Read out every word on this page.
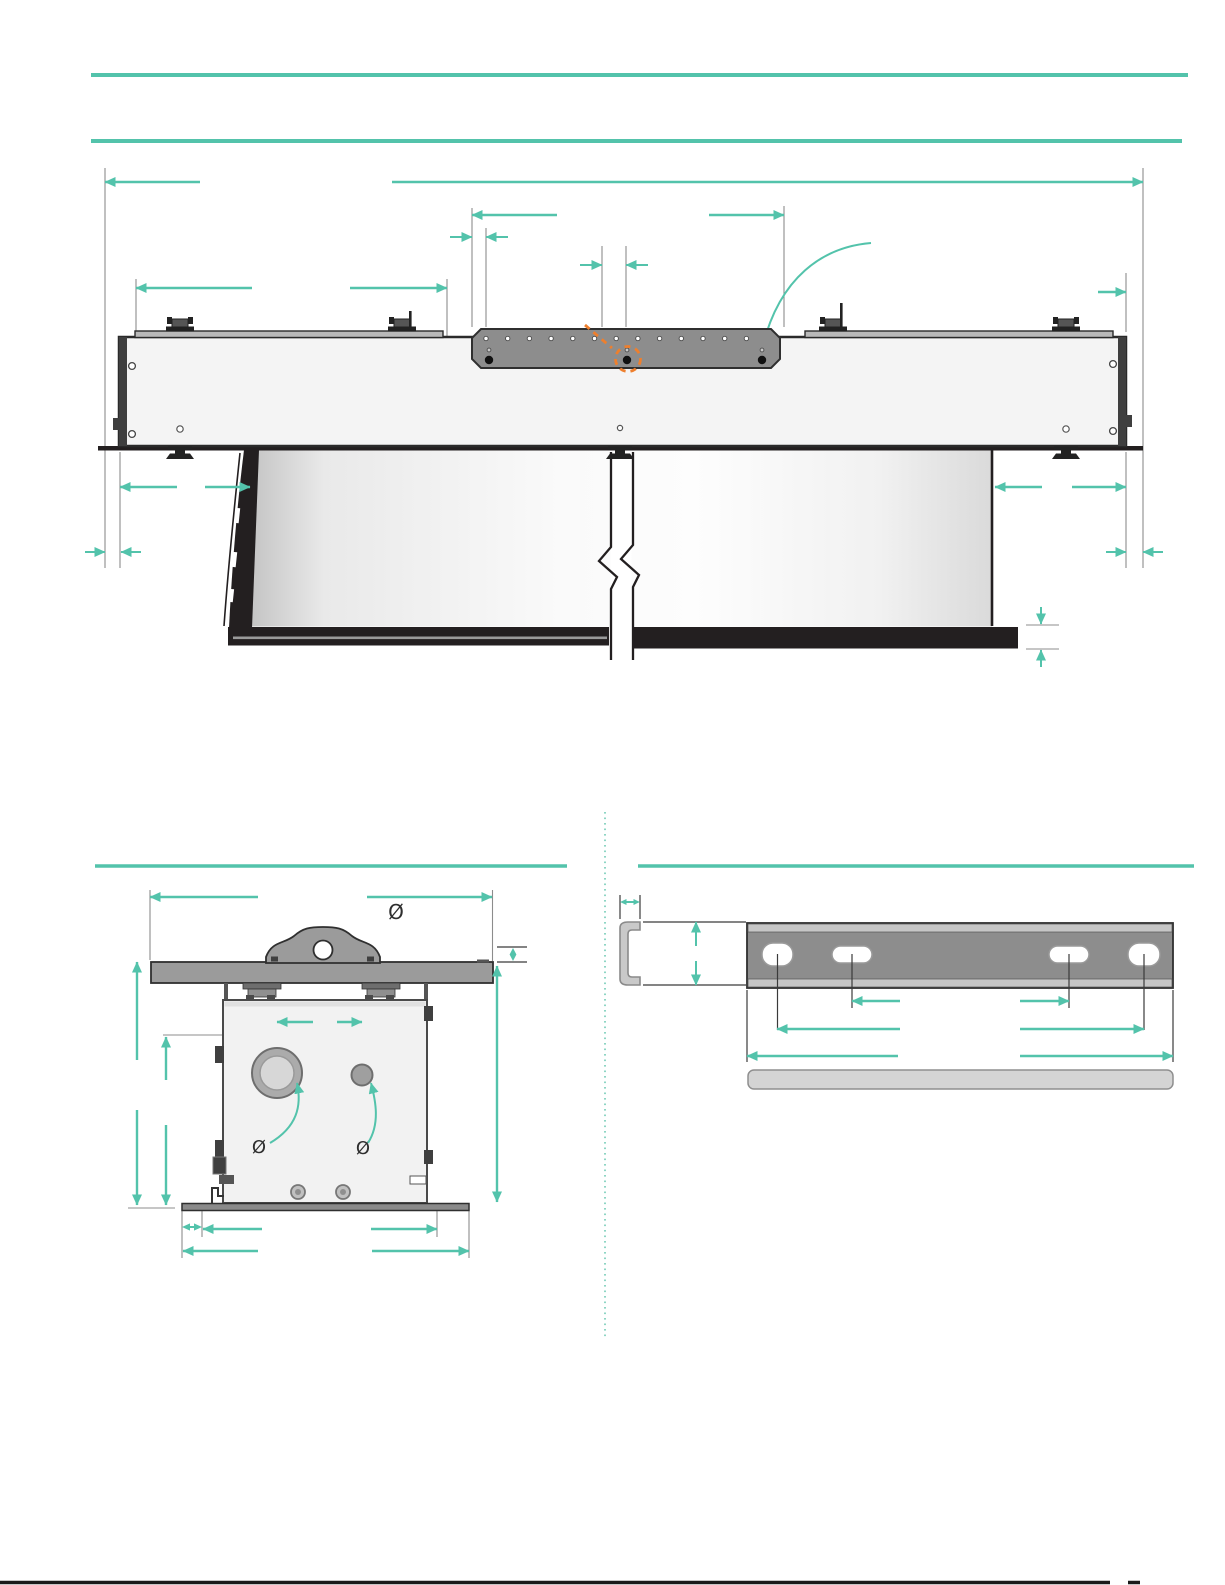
Ø
Ø	Ø
